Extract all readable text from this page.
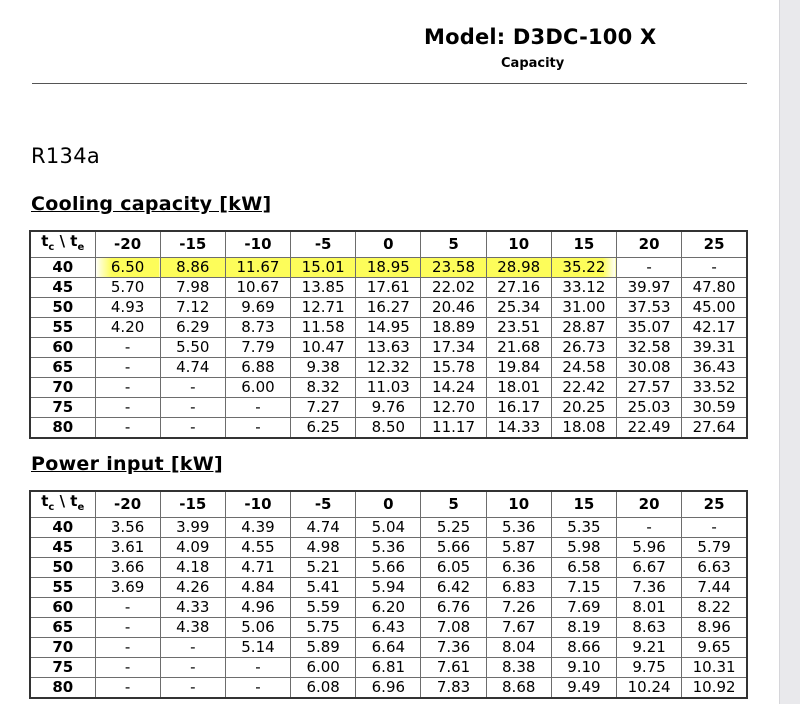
Model: D3DC-100 X
Capacity
R134a
Cooling capacity [kW]
$t_c$ \ $t_e$	-20	-15	-10	-5	0	5	10	15	20	25
40	6.50	8.86	11.67	15.01	18.95	23.58	28.98	35.22	-	-
45	5.70	7.98	10.67	13.85	17.61	22.02	27.16	33.12	39.97	47.80
50	4.93	7.12	9.69	12.71	16.27	20.46	25.34	31.00	37.53	45.00
55	4.20	6.29	8.73	11.58	14.95	18.89	23.51	28.87	35.07	42.17
60	-	5.50	7.79	10.47	13.63	17.34	21.68	26.73	32.58	39.31
65	-	4.74	6.88	9.38	12.32	15.78	19.84	24.58	30.08	36.43
70	-	-	6.00	8.32	11.03	14.24	18.01	22.42	27.57	33.52
75	-	-	-	7.27	9.76	12.70	16.17	20.25	25.03	30.59
80	-	-	-	6.25	8.50	11.17	14.33	18.08	22.49	27.64
Power input [kW]
$t_c$ \ $t_e$	-20	-15	-10	-5	0	5	10	15	20	25
40	3.56	3.99	4.39	4.74	5.04	5.25	5.36	5.35	-	-
45	3.61	4.09	4.55	4.98	5.36	5.66	5.87	5.98	5.96	5.79
50	3.66	4.18	4.71	5.21	5.66	6.05	6.36	6.58	6.67	6.63
55	3.69	4.26	4.84	5.41	5.94	6.42	6.83	7.15	7.36	7.44
60	-	4.33	4.96	5.59	6.20	6.76	7.26	7.69	8.01	8.22
65	-	4.38	5.06	5.75	6.43	7.08	7.67	8.19	8.63	8.96
70	-	-	5.14	5.89	6.64	7.36	8.04	8.66	9.21	9.65
75	-	-	-	6.00	6.81	7.61	8.38	9.10	9.75	10.31
80	-	-	-	6.08	6.96	7.83	8.68	9.49	10.24	10.92
